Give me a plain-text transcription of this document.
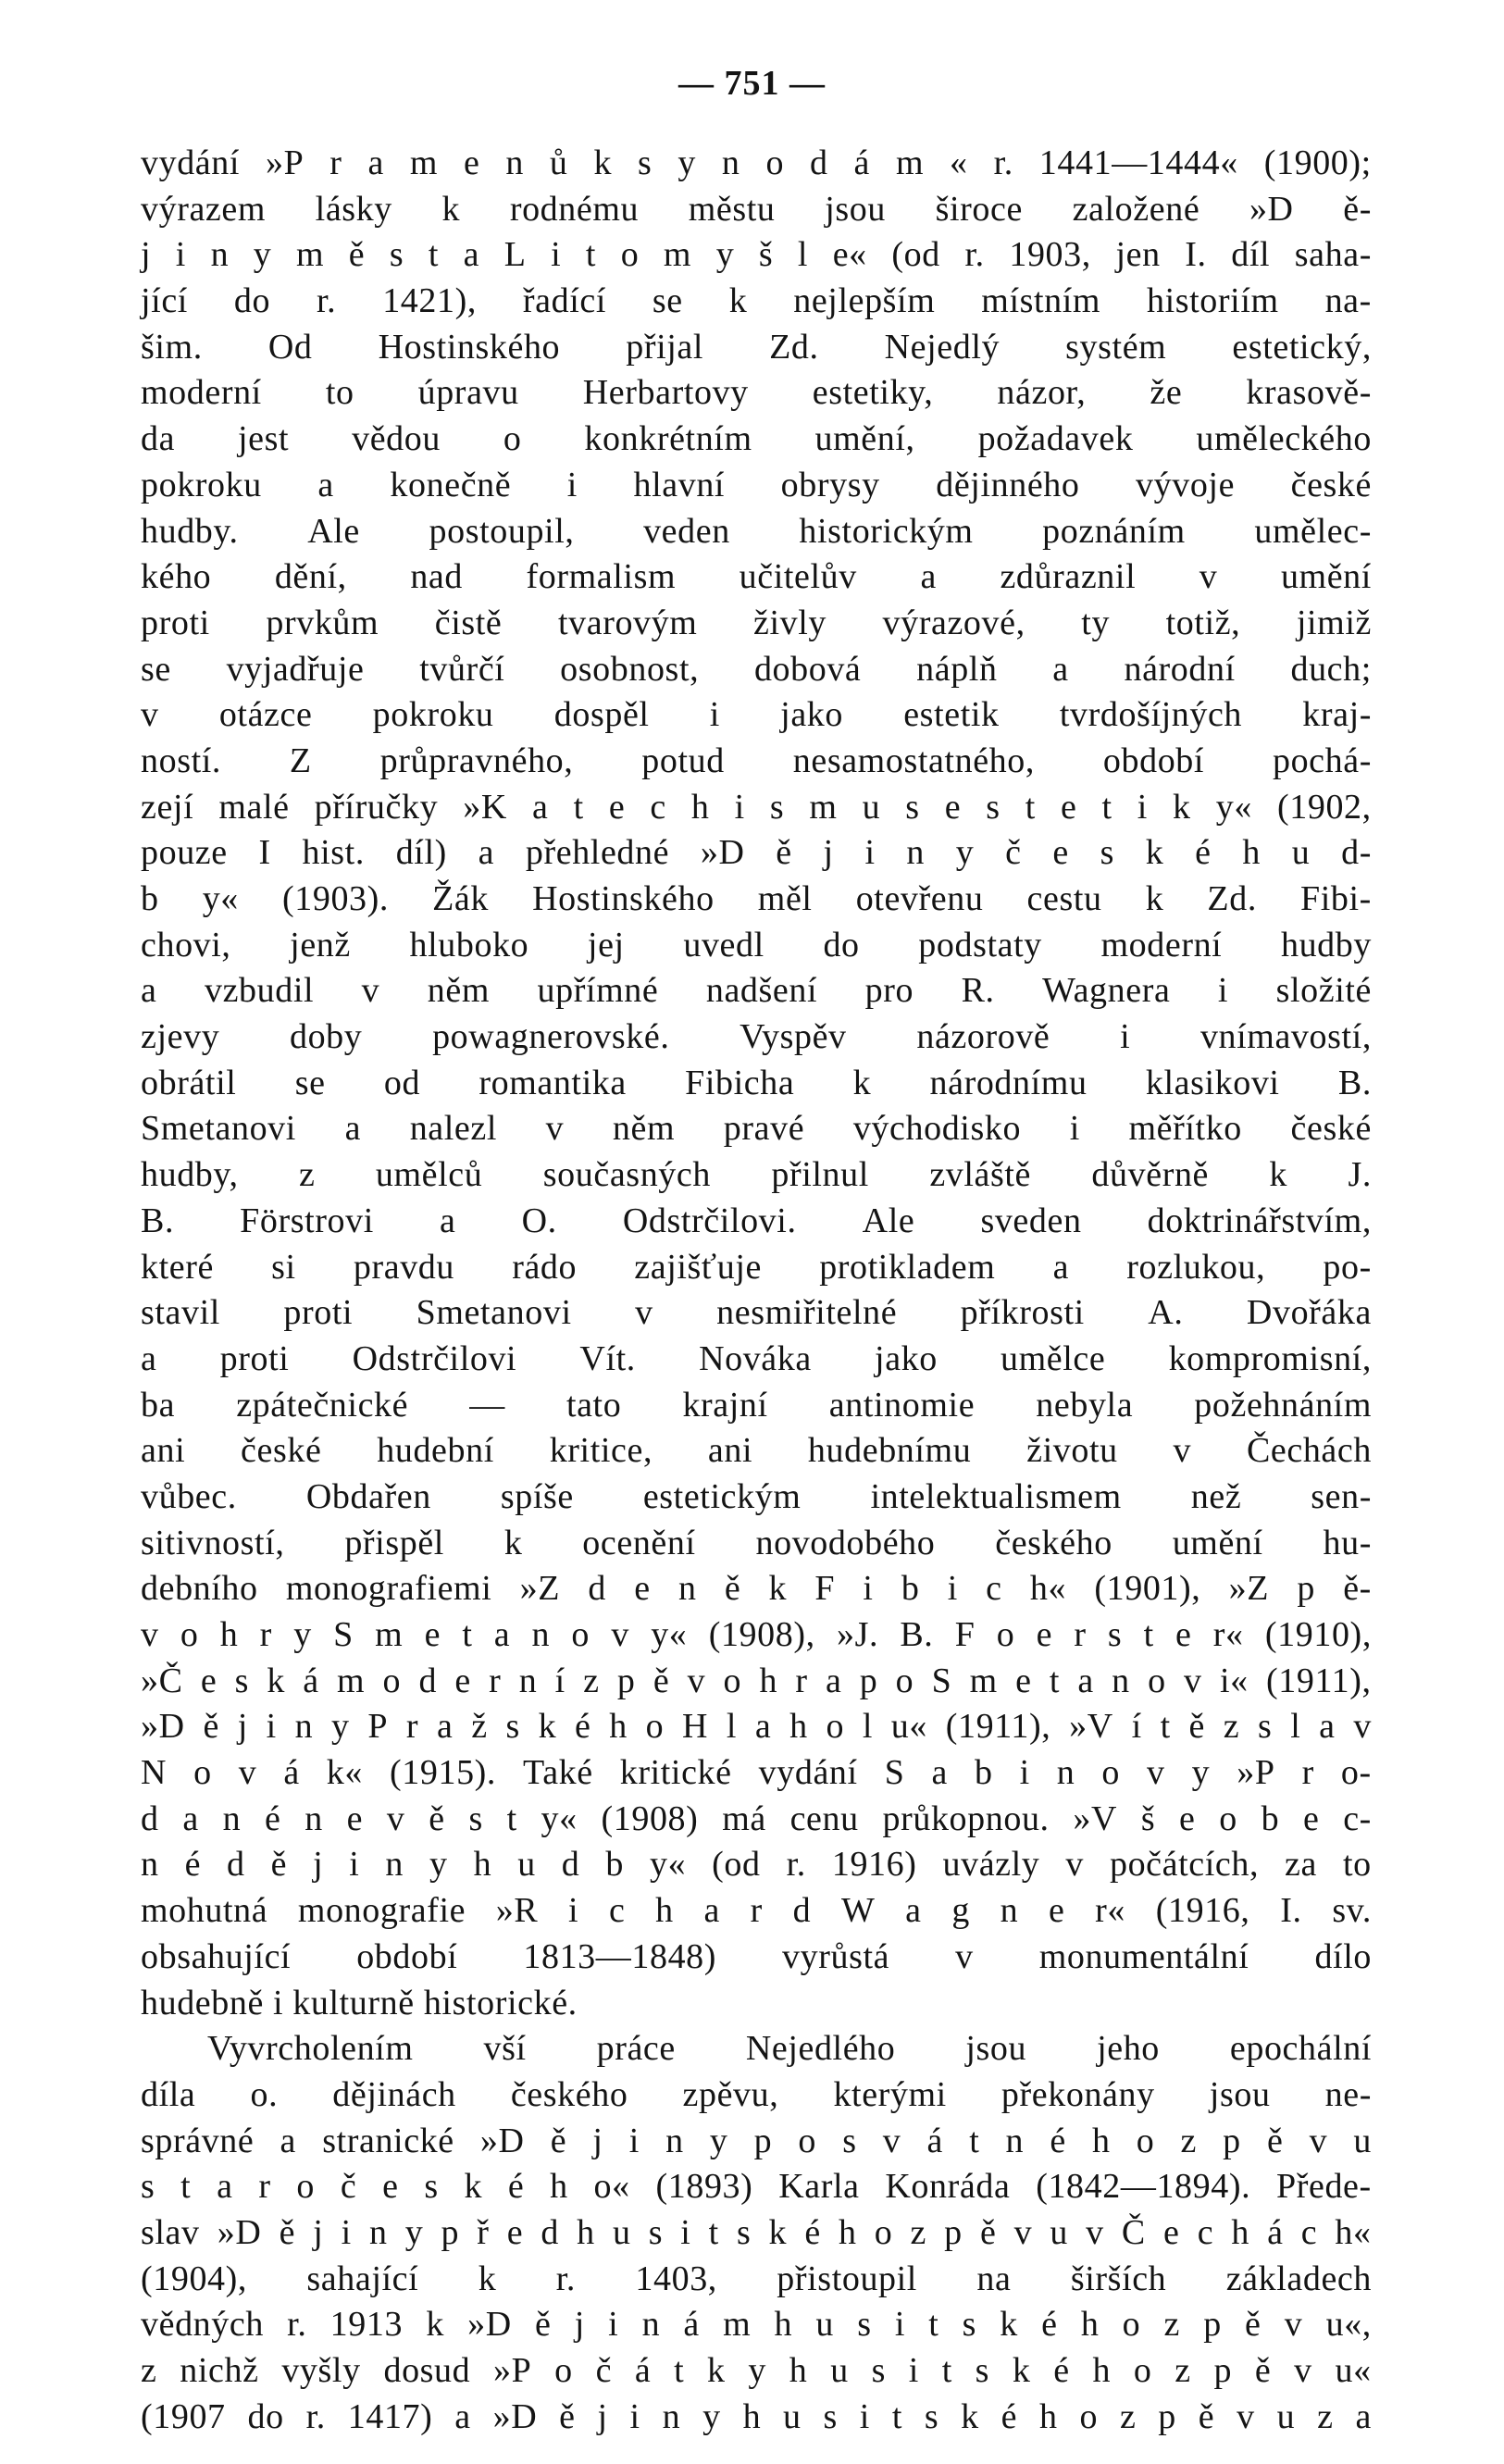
— 751 —
vydání »P r a m e n ů k s y n o d á m « r. 1441—1444« (1900);
výrazem lásky k rodnému městu jsou široce založené »D ě-
j i n y m ě s t a L i t o m y š l e« (od r. 1903, jen I. díl saha-
jící do r. 1421), řadící se k nejlepším místním historiím na-
šim. Od Hostinského přijal Zd. Nejedlý systém estetický,
moderní to úpravu Herbartovy estetiky, názor, že krasově-
da jest vědou o konkrétním umění, požadavek uměleckého
pokroku a konečně i hlavní obrysy dějinného vývoje české
hudby. Ale postoupil, veden historickým poznáním umělec-
kého dění, nad formalism učitelův a zdůraznil v umění
proti prvkům čistě tvarovým živly výrazové, ty totiž, jimiž
se vyjadřuje tvůrčí osobnost, dobová náplň a národní duch;
v otázce pokroku dospěl i jako estetik tvrdošíjných kraj-
ností. Z průpravného, potud nesamostatného, období pochá-
zejí malé příručky »K a t e c h i s m u s e s t e t i k y« (1902,
pouze I hist. díl) a přehledné »D ě j i n y č e s k é h u d-
b y« (1903). Žák Hostinského měl otevřenu cestu k Zd. Fibi-
chovi, jenž hluboko jej uvedl do podstaty moderní hudby
a vzbudil v něm upřímné nadšení pro R. Wagnera i složité
zjevy doby powagnerovské. Vyspěv názorově i vnímavostí,
obrátil se od romantika Fibicha k národnímu klasikovi B.
Smetanovi a nalezl v něm pravé východisko i měřítko české
hudby, z umělců současných přilnul zvláště důvěrně k J.
B. Förstrovi a O. Odstrčilovi. Ale sveden doktrinářstvím,
které si pravdu rádo zajišťuje protikladem a rozlukou, po-
stavil proti Smetanovi v nesmiřitelné příkrosti A. Dvořáka
a proti Odstrčilovi Vít. Nováka jako umělce kompromisní,
ba zpátečnické — tato krajní antinomie nebyla požehnáním
ani české hudební kritice, ani hudebnímu životu v Čechách
vůbec. Obdařen spíše estetickým intelektualismem než sen-
sitivností, přispěl k ocenění novodobého českého umění hu-
debního monografiemi »Z d e n ě k F i b i c h« (1901), »Z p ě-
v o h r y S m e t a n o v y« (1908), »J. B. F o e r s t e r« (1910),
»Č e s k á m o d e r n í z p ě v o h r a p o S m e t a n o v i« (1911),
»D ě j i n y P r a ž s k é h o H l a h o l u« (1911), »V í t ě z s l a v
N o v á k« (1915). Také kritické vydání S a b i n o v y »P r o-
d a n é n e v ě s t y« (1908) má cenu průkopnou. »V š e o b e c-
n é d ě j i n y h u d b y« (od r. 1916) uvázly v počátcích, za to
mohutná monografie »R i c h a r d W a g n e r« (1916, I. sv.
obsahující období 1813—1848) vyrůstá v monumentální dílo
hudebně i kulturně historické.
Vyvrcholením vší práce Nejedlého jsou jeho epochální
díla o. dějinách českého zpěvu, kterými překonány jsou ne-
správné a stranické »D ě j i n y p o s v á t n é h o z p ě v u
s t a r o č e s k é h o« (1893) Karla Konráda (1842—1894). Přede-
slav »D ě j i n y p ř e d h u s i t s k é h o z p ě v u v Č e c h á c h«
(1904), sahající k r. 1403, přistoupil na širších základech
vědných r. 1913 k »D ě j i n á m h u s i t s k é h o z p ě v u«,
z nichž vyšly dosud »P o č á t k y h u s i t s k é h o z p ě v u«
(1907 do r. 1417) a »D ě j i n y h u s i t s k é h o z p ě v u z a
